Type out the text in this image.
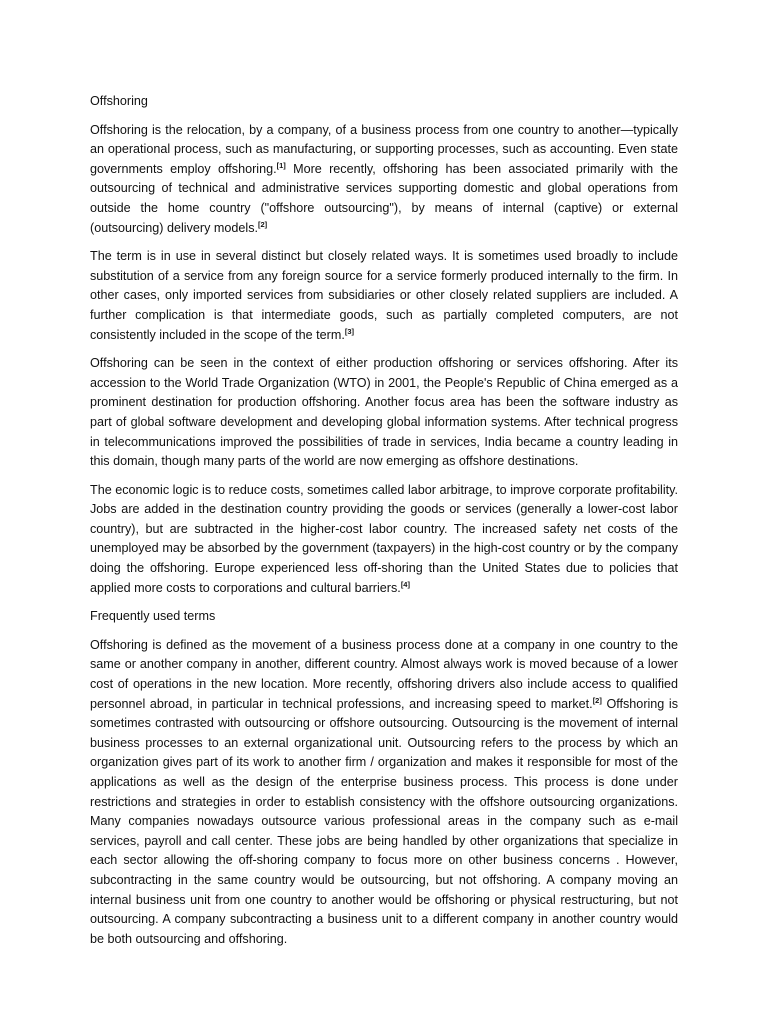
Offshoring

Offshoring is the relocation, by a company, of a business process from one country to another—typically an operational process, such as manufacturing, or supporting processes, such as accounting. Even state governments employ offshoring.[1] More recently, offshoring has been associated primarily with the outsourcing of technical and administrative services supporting domestic and global operations from outside the home country ("offshore outsourcing"), by means of internal (captive) or external (outsourcing) delivery models.[2]

The term is in use in several distinct but closely related ways. It is sometimes used broadly to include substitution of a service from any foreign source for a service formerly produced internally to the firm. In other cases, only imported services from subsidiaries or other closely related suppliers are included. A further complication is that intermediate goods, such as partially completed computers, are not consistently included in the scope of the term.[3]

Offshoring can be seen in the context of either production offshoring or services offshoring. After its accession to the World Trade Organization (WTO) in 2001, the People's Republic of China emerged as a prominent destination for production offshoring. Another focus area has been the software industry as part of global software development and developing global information systems. After technical progress in telecommunications improved the possibilities of trade in services, India became a country leading in this domain, though many parts of the world are now emerging as offshore destinations.

The economic logic is to reduce costs, sometimes called labor arbitrage, to improve corporate profitability. Jobs are added in the destination country providing the goods or services (generally a lower-cost labor country), but are subtracted in the higher-cost labor country. The increased safety net costs of the unemployed may be absorbed by the government (taxpayers) in the high-cost country or by the company doing the offshoring. Europe experienced less off-shoring than the United States due to policies that applied more costs to corporations and cultural barriers.[4]

Frequently used terms

Offshoring is defined as the movement of a business process done at a company in one country to the same or another company in another, different country. Almost always work is moved because of a lower cost of operations in the new location. More recently, offshoring drivers also include access to qualified personnel abroad, in particular in technical professions, and increasing speed to market.[2] Offshoring is sometimes contrasted with outsourcing or offshore outsourcing. Outsourcing is the movement of internal business processes to an external organizational unit. Outsourcing refers to the process by which an organization gives part of its work to another firm / organization and makes it responsible for most of the applications as well as the design of the enterprise business process. This process is done under restrictions and strategies in order to establish consistency with the offshore outsourcing organizations. Many companies nowadays outsource various professional areas in the company such as e-mail services, payroll and call center. These jobs are being handled by other organizations that specialize in each sector allowing the off-shoring company to focus more on other business concerns . However, subcontracting in the same country would be outsourcing, but not offshoring. A company moving an internal business unit from one country to another would be offshoring or physical restructuring, but not outsourcing. A company subcontracting a business unit to a different company in another country would be both outsourcing and offshoring.
